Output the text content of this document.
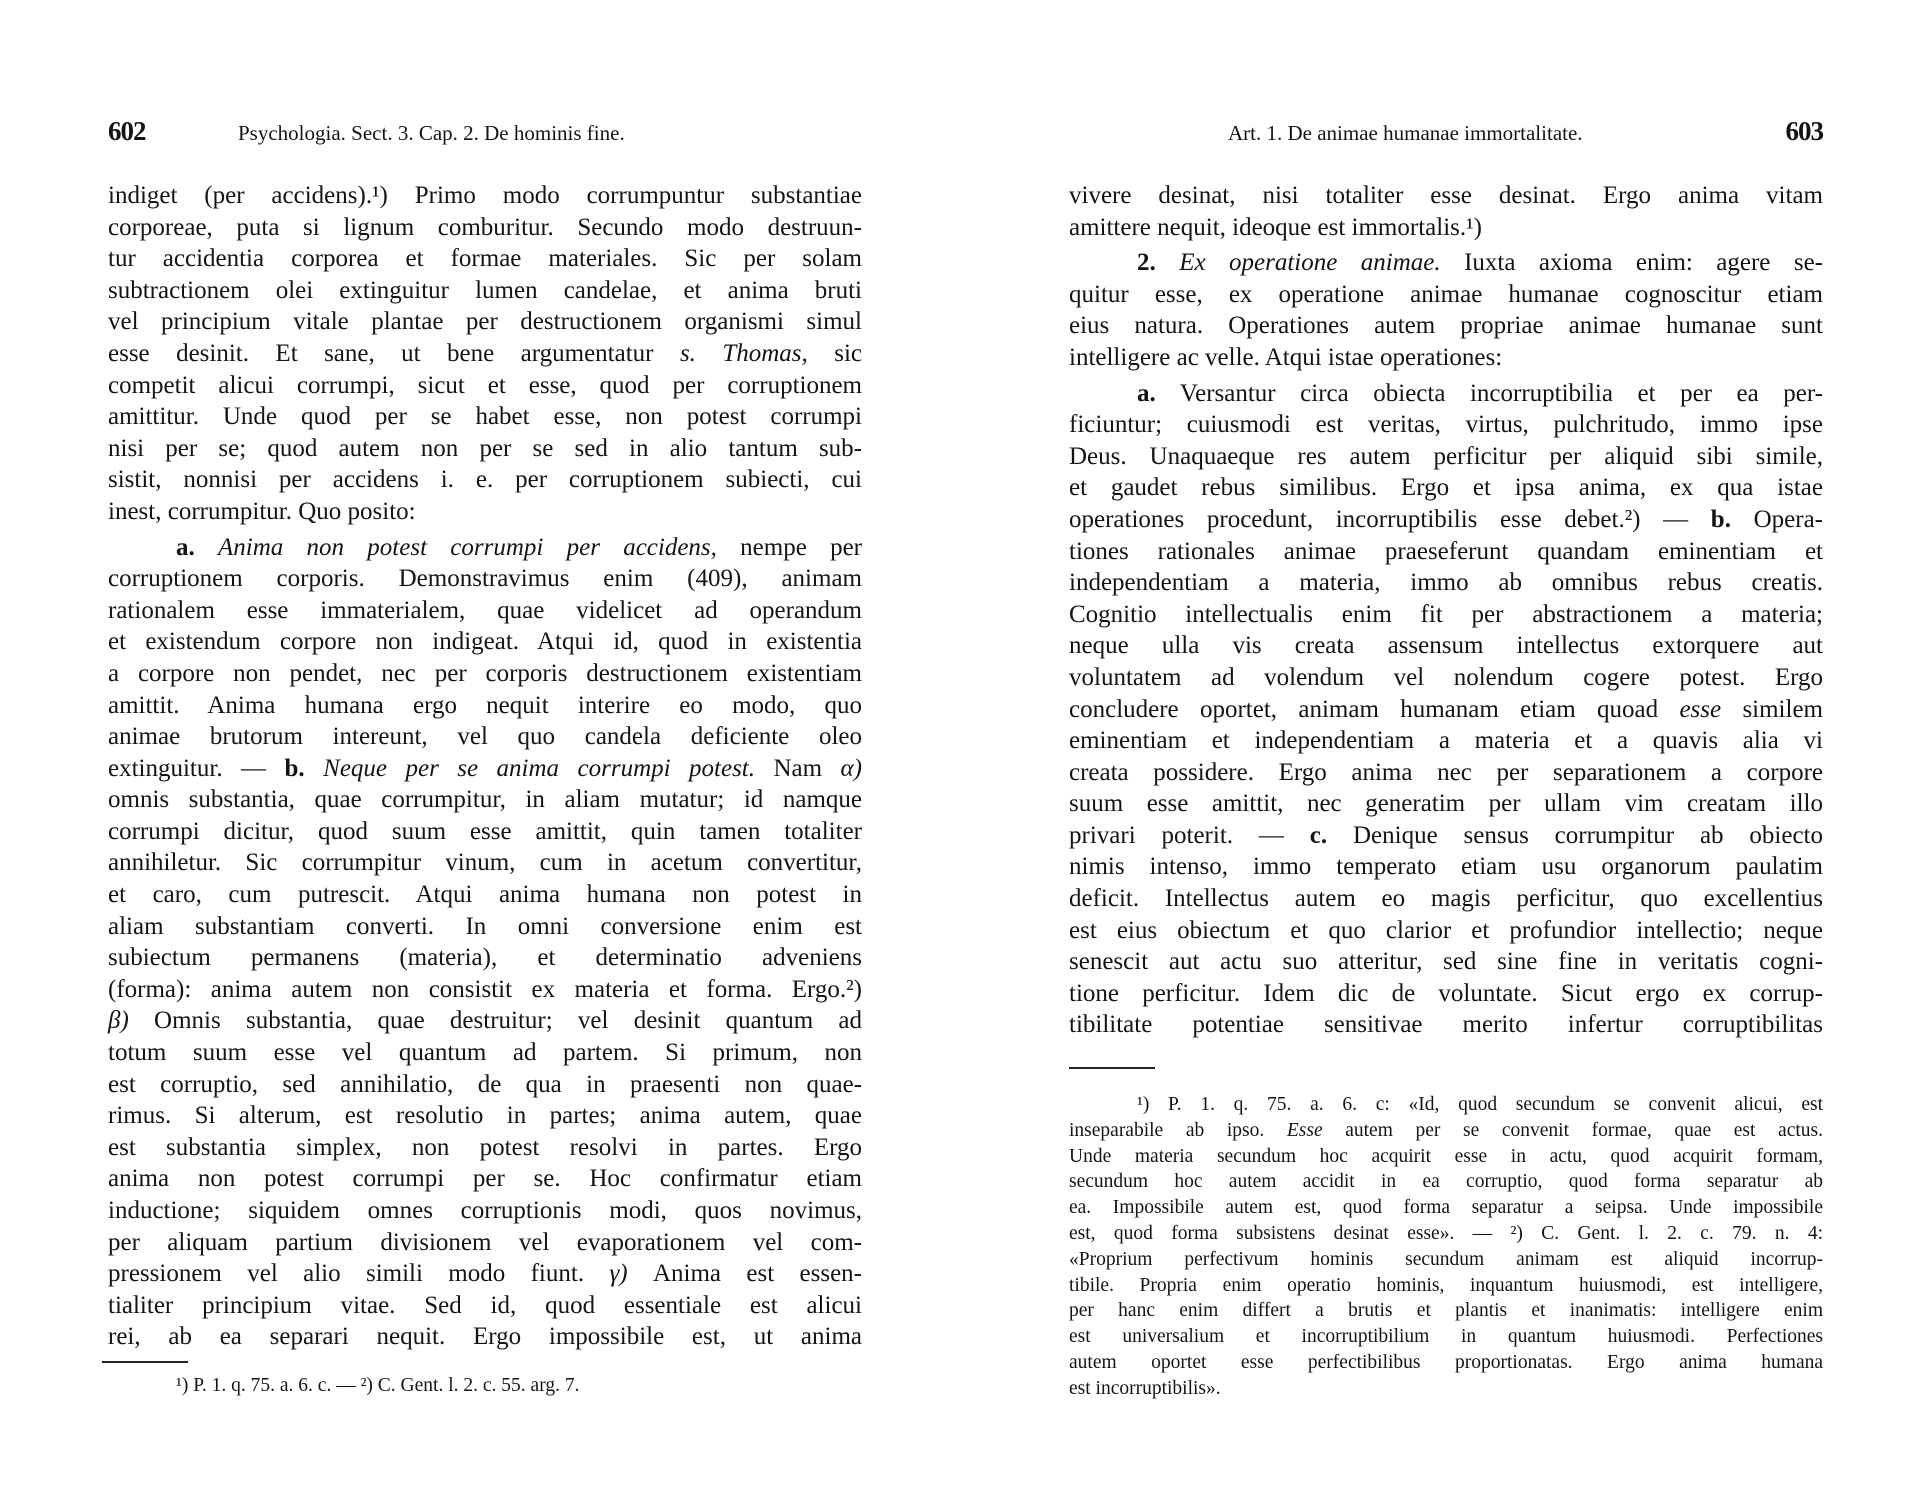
602	Psychologia. Sect. 3. Cap. 2. De hominis fine.
indiget (per accidens).¹) Primo modo corrumpuntur substantiae
corporeae, puta si lignum comburitur. Secundo modo destruun-
tur accidentia corporea et formae materiales. Sic per solam
subtractionem olei extinguitur lumen candelae, et anima bruti
vel principium vitale plantae per destructionem organismi simul
esse desinit. Et sane, ut bene argumentatur s. Thomas, sic
competit alicui corrumpi, sicut et esse, quod per corruptionem
amittitur. Unde quod per se habet esse, non potest corrumpi
nisi per se; quod autem non per se sed in alio tantum sub-
sistit, nonnisi per accidens i. e. per corruptionem subiecti, cui
inest, corrumpitur. Quo posito:
a. Anima non potest corrumpi per accidens, nempe per
corruptionem corporis. Demonstravimus enim (409), animam
rationalem esse immaterialem, quae videlicet ad operandum
et existendum corpore non indigeat. Atqui id, quod in existentia
a corpore non pendet, nec per corporis destructionem existentiam
amittit. Anima humana ergo nequit interire eo modo, quo
animae brutorum intereunt, vel quo candela deficiente oleo
extinguitur. — b. Neque per se anima corrumpi potest. Nam α)
omnis substantia, quae corrumpitur, in aliam mutatur; id namque
corrumpi dicitur, quod suum esse amittit, quin tamen totaliter
annihiletur. Sic corrumpitur vinum, cum in acetum convertitur,
et caro, cum putrescit. Atqui anima humana non potest in
aliam substantiam converti. In omni conversione enim est
subiectum permanens (materia), et determinatio adveniens
(forma): anima autem non consistit ex materia et forma. Ergo.²)
β) Omnis substantia, quae destruitur; vel desinit quantum ad
totum suum esse vel quantum ad partem. Si primum, non
est corruptio, sed annihilatio, de qua in praesenti non quae-
rimus. Si alterum, est resolutio in partes; anima autem, quae
est substantia simplex, non potest resolvi in partes. Ergo
anima non potest corrumpi per se. Hoc confirmatur etiam
inductione; siquidem omnes corruptionis modi, quos novimus,
per aliquam partium divisionem vel evaporationem vel com-
pressionem vel alio simili modo fiunt. γ) Anima est essen-
tialiter principium vitae. Sed id, quod essentiale est alicui
rei, ab ea separari nequit. Ergo impossibile est, ut anima
¹) P. 1. q. 75. a. 6. c. — ²) C. Gent. l. 2. c. 55. arg. 7.
Art. 1. De animae humanae immortalitate.	603
vivere desinat, nisi totaliter esse desinat. Ergo anima vitam
amittere nequit, ideoque est immortalis.¹)
2. Ex operatione animae. Iuxta axioma enim: agere se-
quitur esse, ex operatione animae humanae cognoscitur etiam
eius natura. Operationes autem propriae animae humanae sunt
intelligere ac velle. Atqui istae operationes:
a. Versantur circa obiecta incorruptibilia et per ea per-
ficiuntur; cuiusmodi est veritas, virtus, pulchritudo, immo ipse
Deus. Unaquaeque res autem perficitur per aliquid sibi simile,
et gaudet rebus similibus. Ergo et ipsa anima, ex qua istae
operationes procedunt, incorruptibilis esse debet.²) — b. Opera-
tiones rationales animae praeseferunt quandam eminentiam et
independentiam a materia, immo ab omnibus rebus creatis.
Cognitio intellectualis enim fit per abstractionem a materia;
neque ulla vis creata assensum intellectus extorquere aut
voluntatem ad volendum vel nolendum cogere potest. Ergo
concludere oportet, animam humanam etiam quoad esse similem
eminentiam et independentiam a materia et a quavis alia vi
creata possidere. Ergo anima nec per separationem a corpore
suum esse amittit, nec generatim per ullam vim creatam illo
privari poterit. — c. Denique sensus corrumpitur ab obiecto
nimis intenso, immo temperato etiam usu organorum paulatim
deficit. Intellectus autem eo magis perficitur, quo excellentius
est eius obiectum et quo clarior et profundior intellectio; neque
senescit aut actu suo atteritur, sed sine fine in veritatis cogni-
tione perficitur. Idem dic de voluntate. Sicut ergo ex corrup-
tibilitate potentiae sensitivae merito infertur corruptibilitas
¹) P. 1. q. 75. a. 6. c: «Id, quod secundum se convenit alicui, est
inseparabile ab ipso. Esse autem per se convenit formae, quae est actus.
Unde materia secundum hoc acquirit esse in actu, quod acquirit formam,
secundum hoc autem accidit in ea corruptio, quod forma separatur ab
ea. Impossibile autem est, quod forma separatur a seipsa. Unde impossibile
est, quod forma subsistens desinat esse». — ²) C. Gent. l. 2. c. 79. n. 4:
«Proprium perfectivum hominis secundum animam est aliquid incorrup-
tibile. Propria enim operatio hominis, inquantum huiusmodi, est intelligere,
per hanc enim differt a brutis et plantis et inanimatis: intelligere enim
est universalium et incorruptibilium in quantum huiusmodi. Perfectiones
autem oportet esse perfectibilibus proportionatas. Ergo anima humana
est incorruptibilis».
